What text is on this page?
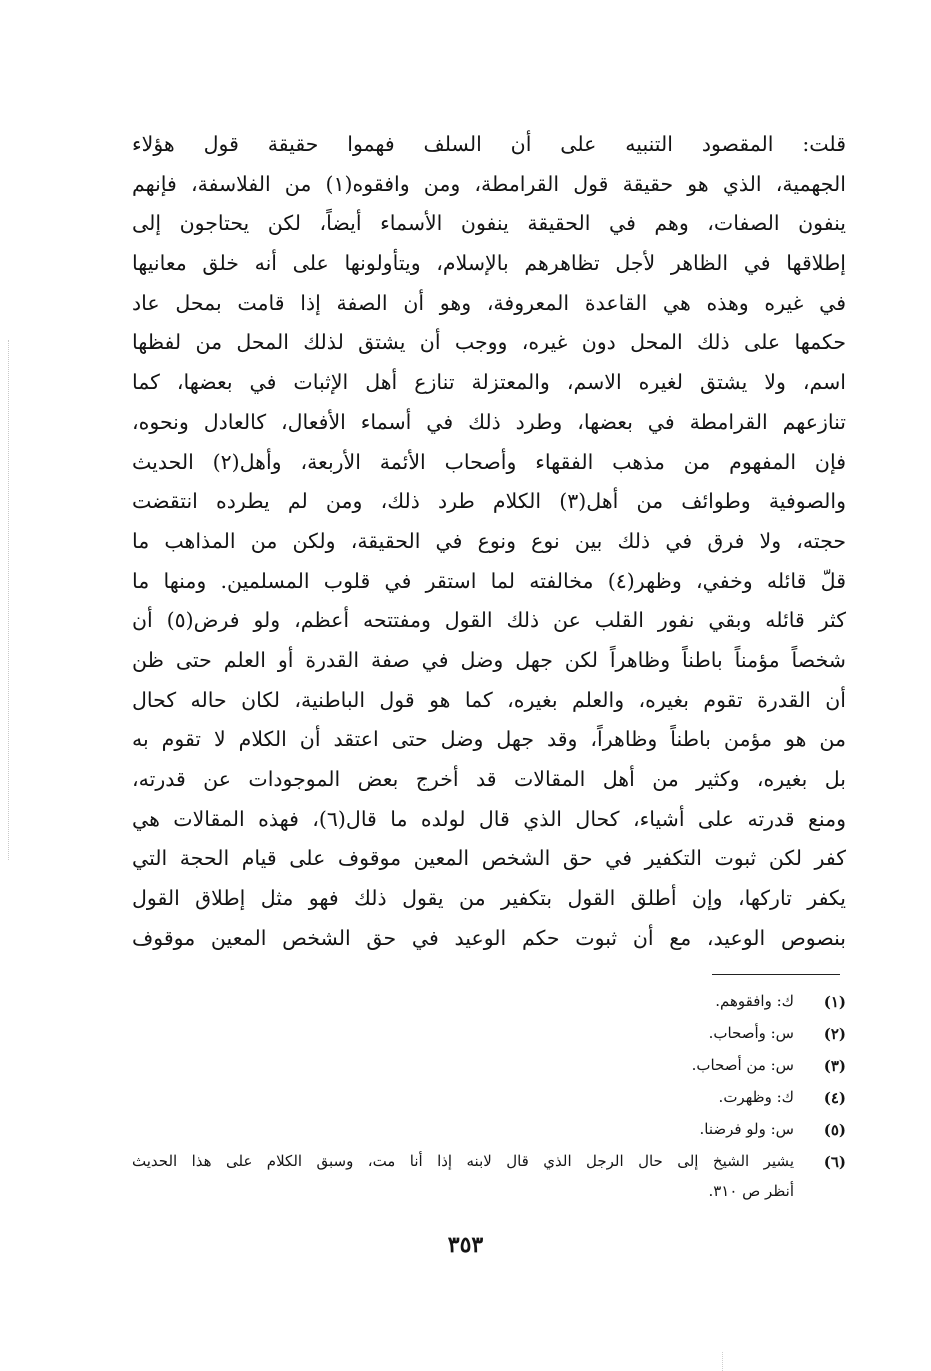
قلت: المقصود التنبيه على أن السلف فهموا حقيقة قول هؤلاء
الجهمية، الذي هو حقيقة قول القرامطة، ومن وافقوه(١) من الفلاسفة، فإنهم
ينفون الصفات، وهم في الحقيقة ينفون الأسماء أيضاً، لكن يحتاجون إلى
إطلاقها في الظاهر لأجل تظاهرهم بالإسلام، ويتأولونها على أنه خلق معانيها
في غيره وهذه هي القاعدة المعروفة، وهو أن الصفة إذا قامت بمحل عاد
حكمها على ذلك المحل دون غيره، ووجب أن يشتق لذلك المحل من لفظها
اسم، ولا يشتق لغيره الاسم، والمعتزلة تنازع أهل الإثبات في بعضها، كما
تنازعهم القرامطة في بعضها، وطرد ذلك في أسماء الأفعال، كالعادل ونحوه،
فإن المفهوم من مذهب الفقهاء وأصحاب الأئمة الأربعة، وأهل(٢) الحديث
والصوفية وطوائف من أهل(٣) الكلام طرد ذلك، ومن لم يطرده انتقضت
حجته، ولا فرق في ذلك بين نوع ونوع في الحقيقة، ولكن من المذاهب ما
قلّ قائله وخفي، وظهر(٤) مخالفته لما استقر في قلوب المسلمين. ومنها ما
كثر قائله وبقي نفور القلب عن ذلك القول ومفتتحه أعظم، ولو فرض(٥) أن
شخصاً مؤمناً باطناً وظاهراً لكن جهل وضل في صفة القدرة أو العلم حتى ظن
أن القدرة تقوم بغيره، والعلم بغيره، كما هو قول الباطنية، لكان حاله كحال
من هو مؤمن باطناً وظاهراً، وقد جهل وضل حتى اعتقد أن الكلام لا تقوم به
بل بغيره، وكثير من أهل المقالات قد أخرج بعض الموجودات عن قدرته،
ومنع قدرته على أشياء، كحال الذي قال لولده ما قال(٦)، فهذه المقالات هي
كفر لكن ثبوت التكفير في حق الشخص المعين موقوف على قيام الحجة التي
يكفر تاركها، وإن أطلق القول بتكفير من يقول ذلك فهو مثل إطلاق القول
بنصوص الوعيد، مع أن ثبوت حكم الوعيد في حق الشخص المعين موقوف
(١)
ك: وافقوهم.
(٢)
س: وأصحاب.
(٣)
س: من أصحاب.
(٤)
ك: وظهرت.
(٥)
س: ولو فرضنا.
(٦)
يشير الشيخ إلى حال الرجل الذي قال لابنه إذا أنا مت، وسبق الكلام على هذا الحديث
أنظر ص ٣١٠.
٣٥٣
